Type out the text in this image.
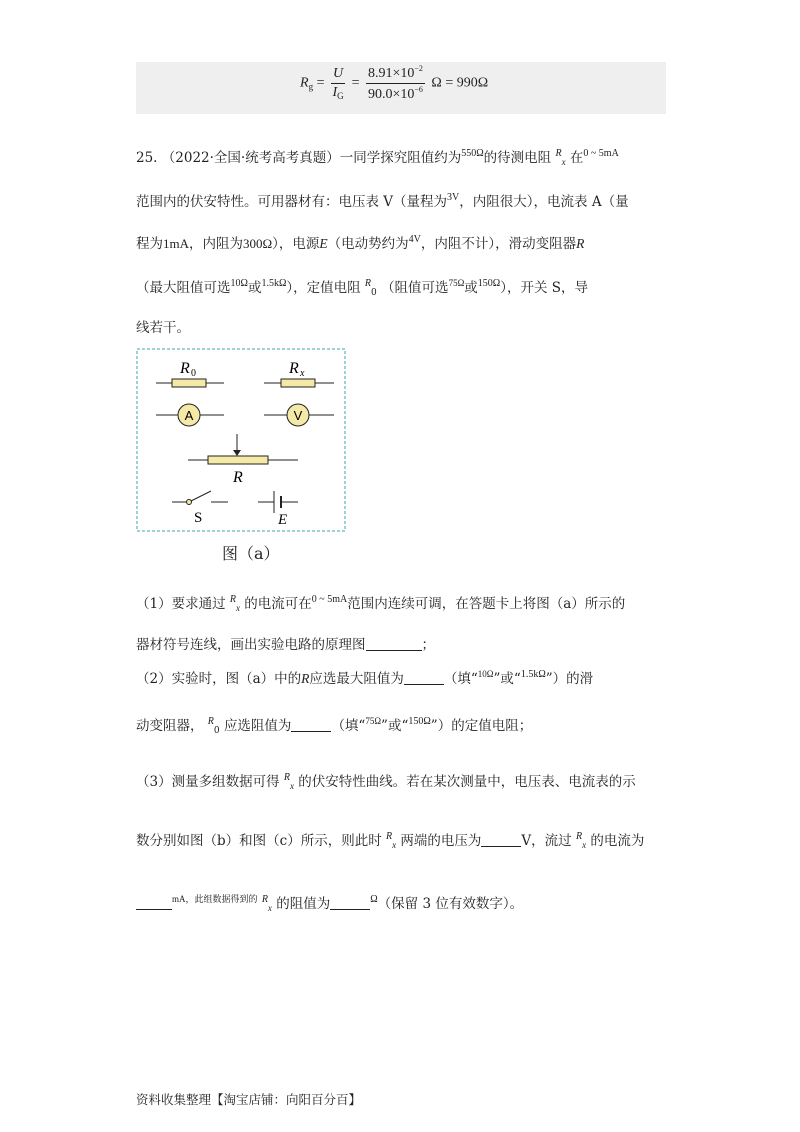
$R_g = \frac{U}{I_G} = \frac{8.91\times 10^{-2}}{90.0\times 10^{-6}}$ Ω = 990Ω
25. （2022·全国·统考高考真题）一同学探究阻值约为$^{550\Omega}$的待测电阻 $^R_x$ 在$^{0 \sim 5mA}$
范围内的伏安特性。可用器材有：电压表 V（量程为$^{3V}$，内阻很大），电流表 A（量
程为1mA，内阻为300Ω），电源E（电动势约为$^{4V}$，内阻不计），滑动变阻器R
（最大阻值可选$^{10\Omega}$或$^{1.5k\Omega}$），定值电阻 $^R_0$ （阻值可选$^{75\Omega}$或$^{150\Omega}$），开关 S，导
线若干。
R 0	R x
A	V
R
S	E
图（a）
（1）要求通过 $^R_x$ 的电流可在$^{0 \sim 5mA}$范围内连续可调，在答题卡上将图（a）所示的
器材符号连线，画出实验电路的原理图	；
（2）实验时，图（a）中的R应选最大阻值为	（填“$^{10\Omega}$”或“$^{1.5k\Omega}$”）的滑
动变阻器， $^R_0$ 应选阻值为	（填“$^{75\Omega}$”或“$^{150\Omega}$”）的定值电阻；
（3）测量多组数据可得 $^R_x$ 的伏安特性曲线。若在某次测量中，电压表、电流表的示
数分别如图（b）和图（c）所示，则此时 $^R_x$ 两端的电压为	V，流过 $^R_x$ 的电流为
$^{mA,此组数据得到的}$ $^R_x$ 的阻值为	$^\Omega$（保留 3 位有效数字）。
资料收集整理【淘宝店铺：向阳百分百】
